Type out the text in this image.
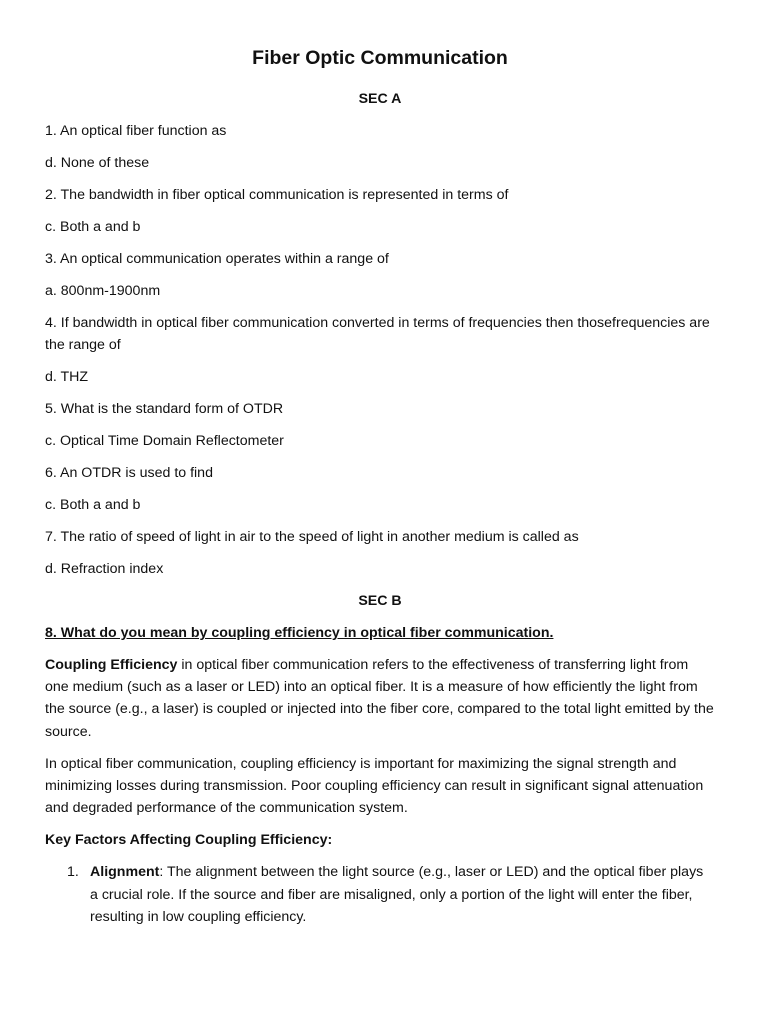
Fiber Optic Communication
SEC A
1. An optical fiber function as
d. None of these
2. The bandwidth in fiber optical communication is represented in terms of
c. Both a and b
3. An optical communication operates within a range of
a. 800nm-1900nm
4. If bandwidth in optical fiber communication converted in terms of frequencies then thosefrequencies are the range of
d. THZ
5. What is the standard form of OTDR
c. Optical Time Domain Reflectometer
6. An OTDR is used to find
c. Both a and b
7. The ratio of speed of light in air to the speed of light in another medium is called as
d. Refraction index
SEC B
8. What do you mean by coupling efficiency in optical fiber communication.

Coupling Efficiency in optical fiber communication refers to the effectiveness of transferring light from one medium (such as a laser or LED) into an optical fiber. It is a measure of how efficiently the light from the source (e.g., a laser) is coupled or injected into the fiber core, compared to the total light emitted by the source.

In optical fiber communication, coupling efficiency is important for maximizing the signal strength and minimizing losses during transmission. Poor coupling efficiency can result in significant signal attenuation and degraded performance of the communication system.

Key Factors Affecting Coupling Efficiency:
1. Alignment: The alignment between the light source (e.g., laser or LED) and the optical fiber plays a crucial role. If the source and fiber are misaligned, only a portion of the light will enter the fiber, resulting in low coupling efficiency.
